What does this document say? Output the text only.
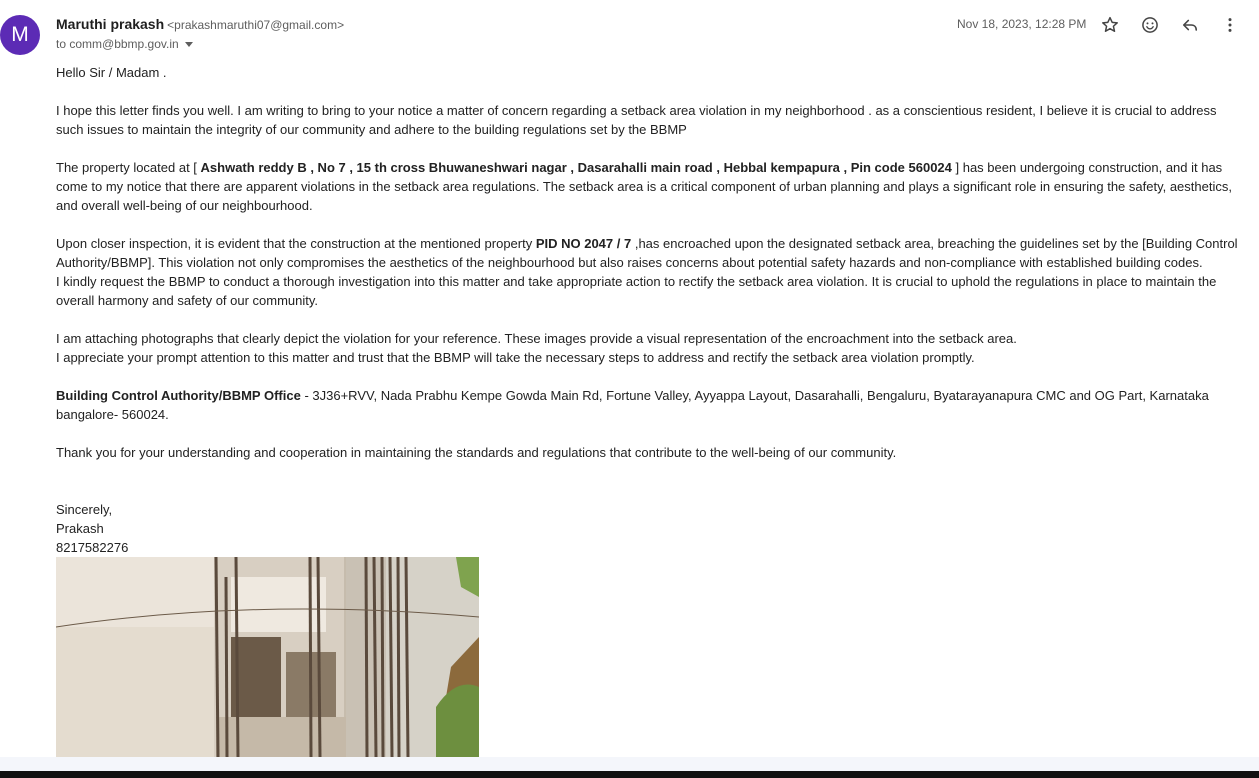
M	Maruthi prakash <prakashmaruthi07@gmail.com>
to comm@bbmp.gov.in
Nov 18, 2023, 12:28 PM

Hello Sir / Madam .

I hope this letter finds you well. I am writing to bring to your notice a matter of concern regarding a setback area violation in my neighborhood . as a conscientious resident, I believe it is crucial to address such issues to maintain the integrity of our community and adhere to the building regulations set by the BBMP

The property located at [ Ashwath reddy B , No 7 , 15 th cross Bhuwaneshwari nagar , Dasarahalli main road , Hebbal kempapura , Pin code 560024 ] has been undergoing construction, and it has come to my notice that there are apparent violations in the setback area regulations. The setback area is a critical component of urban planning and plays a significant role in ensuring the safety, aesthetics, and overall well-being of our neighbourhood.

Upon closer inspection, it is evident that the construction at the mentioned property PID NO 2047 / 7 ,has encroached upon the designated setback area, breaching the guidelines set by the [Building Control Authority/BBMP]. This violation not only compromises the aesthetics of the neighbourhood but also raises concerns about potential safety hazards and non-compliance with established building codes.

I kindly request the BBMP to conduct a thorough investigation into this matter and take appropriate action to rectify the setback area violation. It is crucial to uphold the regulations in place to maintain the overall harmony and safety of our community.

I am attaching photographs that clearly depict the violation for your reference. These images provide a visual representation of the encroachment into the setback area.

I appreciate your prompt attention to this matter and trust that the BBMP will take the necessary steps to address and rectify the setback area violation promptly.

Building Control Authority/BBMP Office - 3J36+RVV, Nada Prabhu Kempe Gowda Main Rd, Fortune Valley, Ayyappa Layout, Dasarahalli, Bengaluru, Byatarayanapura CMC and OG Part, Karnataka bangalore- 560024.

Thank you for your understanding and cooperation in maintaining the standards and regulations that contribute to the well-being of our community.

Sincerely,

Prakash

8217582276
